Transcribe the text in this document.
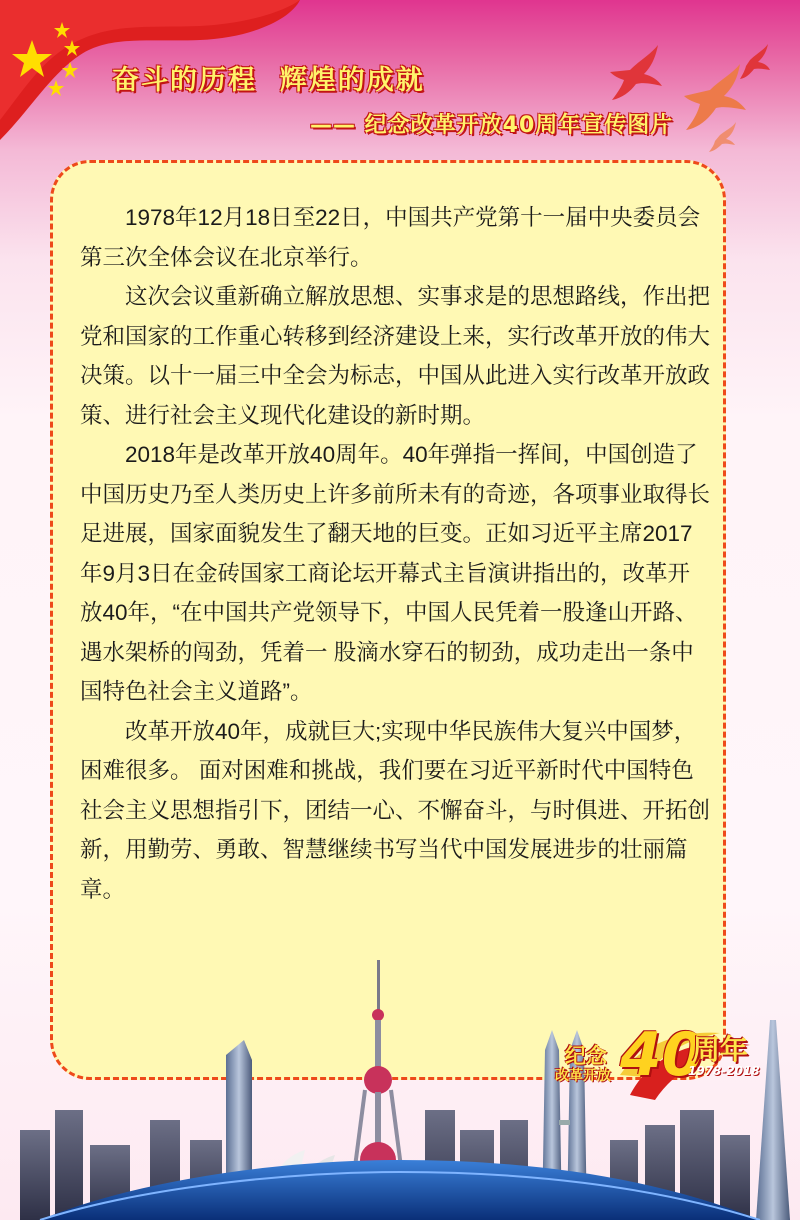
奋斗的历程  辉煌的成就
—— 纪念改革开放40周年宣传图片

1978年12月18日至22日，中国共产党第十一届中央委员会第三次全体会议在北京举行。

这次会议重新确立解放思想、实事求是的思想路线，作出把党和国家的工作重心转移到经济建设上来，实行改革开放的伟大决策。以十一届三中全会为标志，中国从此进入实行改革开放政策、进行社会主义现代化建设的新时期。

2018年是改革开放40周年。40年弹指一挥间，中国创造了中国历史乃至人类历史上许多前所未有的奇迹，各项事业取得长足进展，国家面貌发生了翻天地的巨变。正如习近平主席2017年9月3日在金砖国家工商论坛开幕式主旨演讲指出的，改革开放40年，“在中国共产党领导下，中国人民凭着一股逢山开路、遇水架桥的闯劲，凭着一 股滴水穿石的韧劲，成功走出一条中国特色社会主义道路”。

改革开放40年，成就巨大;实现中华民族伟大复兴中国梦，困难很多。 面对困难和挑战，我们要在习近平新时代中国特色社会主义思想指引下，团结一心、不懈奋斗，与时俱进、开拓创新，用勤劳、勇敢、智慧继续书写当代中国发展进步的壮丽篇章。

纪念

改革开放 40

周年

1978-2018
